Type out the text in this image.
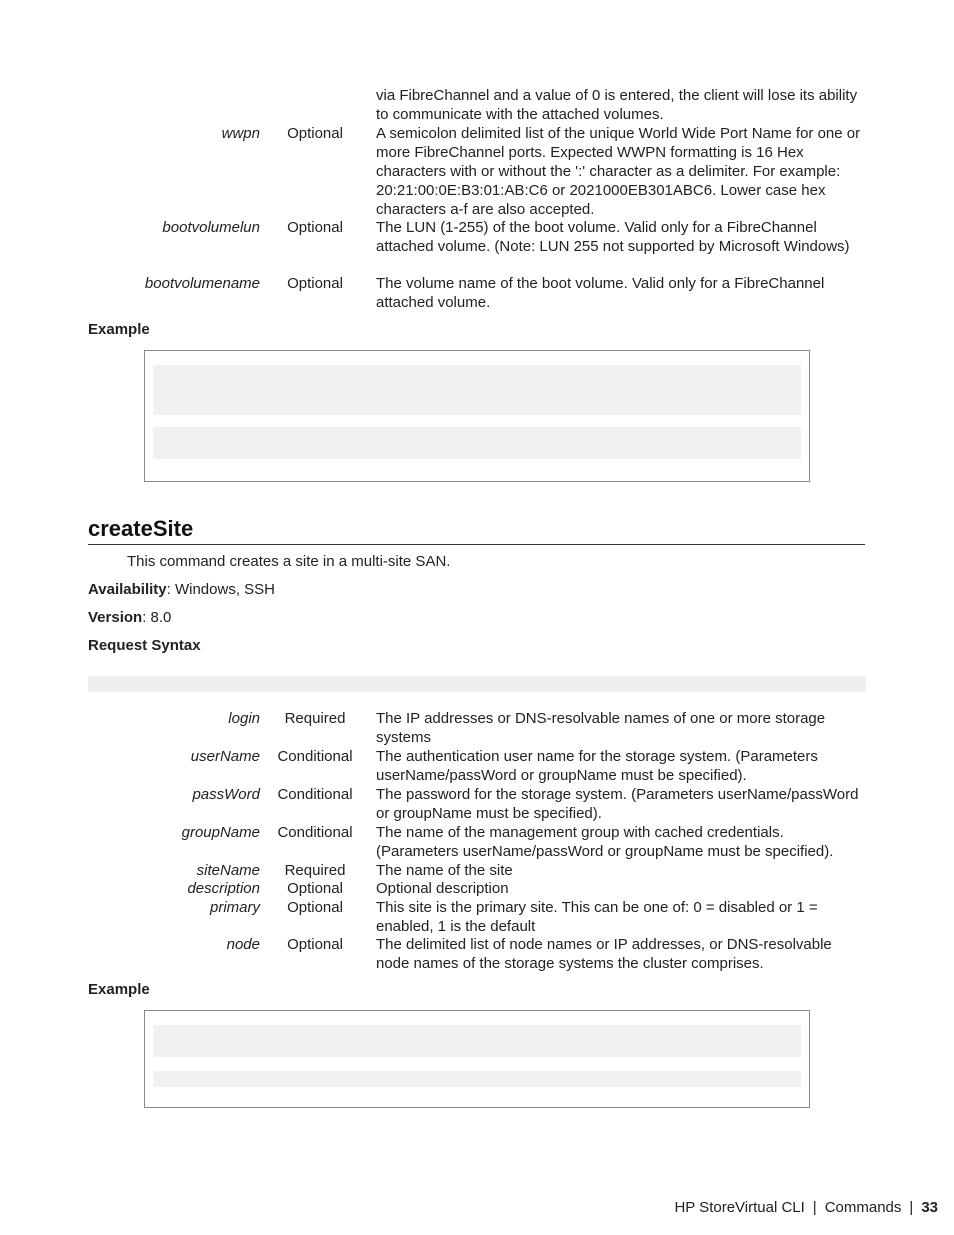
via FibreChannel and a value of 0 is entered, the client will lose its ability to communicate with the attached volumes.
wwpn	Optional	A semicolon delimited list of the unique World Wide Port Name for one or more FibreChannel ports. Expected WWPN formatting is 16 Hex characters with or without the ':' character as a delimiter. For example: 20:21:00:0E:B3:01:AB:C6 or 2021000EB301ABC6. Lower case hex characters a-f are also accepted.
bootvolumelun	Optional	The LUN (1-255) of the boot volume. Valid only for a FibreChannel attached volume. (Note: LUN 255 not supported by Microsoft Windows)
bootvolumename	Optional	The volume name of the boot volume. Valid only for a FibreChannel attached volume.
Example
createSite
This command creates a site in a multi-site SAN.
Availability: Windows, SSH
Version: 8.0
Request Syntax
login	Required	The IP addresses or DNS-resolvable names of one or more storage systems
userName	Conditional	The authentication user name for the storage system. (Parameters userName/passWord or groupName must be specified).
passWord	Conditional	The password for the storage system. (Parameters userName/passWord or groupName must be specified).
groupName	Conditional	The name of the management group with cached credentials. (Parameters userName/passWord or groupName must be specified).
siteName	Required	The name of the site
description	Optional	Optional description
primary	Optional	This site is the primary site. This can be one of: 0 = disabled or 1 = enabled, 1 is the default
node	Optional	The delimited list of node names or IP addresses, or DNS-resolvable node names of the storage systems the cluster comprises.
Example
HP StoreVirtual CLI | Commands | 33
